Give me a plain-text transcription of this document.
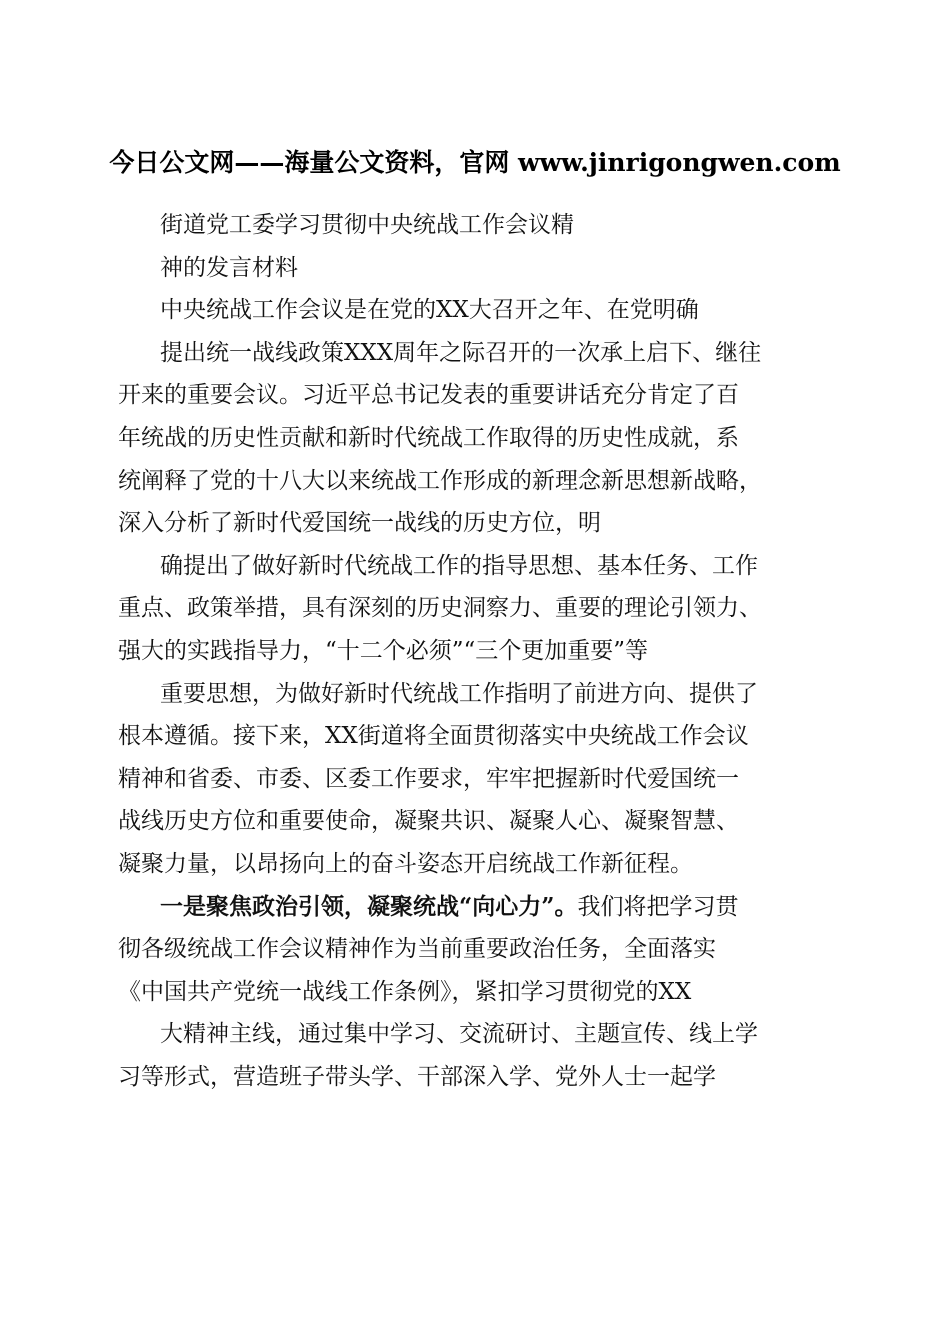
今日公文网——海量公文资料，官网 www.jinrigongwen.com
街道党工委学习贯彻中央统战工作会议精
神的发言材料
中央统战工作会议是在党的XX大召开之年、在党明确
提出统一战线政策XXX周年之际召开的一次承上启下、继往
开来的重要会议。习近平总书记发表的重要讲话充分肯定了百
年统战的历史性贡献和新时代统战工作取得的历史性成就，系
统阐释了党的十八大以来统战工作形成的新理念新思想新战略，
深入分析了新时代爱国统一战线的历史方位，明
确提出了做好新时代统战工作的指导思想、基本任务、工作
重点、政策举措，具有深刻的历史洞察力、重要的理论引领力、
强大的实践指导力，“十二个必须”“三个更加重要”等
重要思想，为做好新时代统战工作指明了前进方向、提供了
根本遵循。接下来，XX街道将全面贯彻落实中央统战工作会议
精神和省委、市委、区委工作要求，牢牢把握新时代爱国统一
战线历史方位和重要使命，凝聚共识、凝聚人心、凝聚智慧、
凝聚力量，以昂扬向上的奋斗姿态开启统战工作新征程。
一是聚焦政治引领，凝聚统战“向心力”。我们将把学习贯
彻各级统战工作会议精神作为当前重要政治任务，全面落实
《中国共产党统一战线工作条例》，紧扣学习贯彻党的XX
大精神主线，通过集中学习、交流研讨、主题宣传、线上学
习等形式，营造班子带头学、干部深入学、党外人士一起学
